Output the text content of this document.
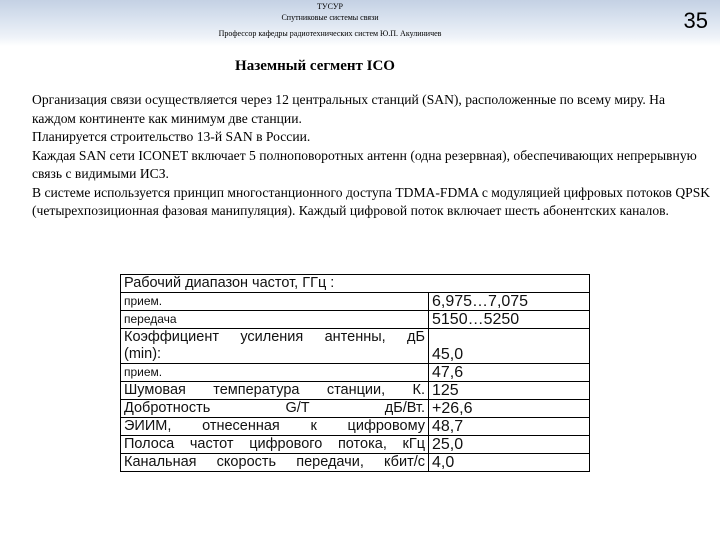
ТУСУР
Спутниковые системы связи
Профессор кафедры радиотехнических систем Ю.П. Акулиничев
35
Наземный сегмент ICO

Организация связи осуществляется через 12 центральных станций (SAN), расположенные по всему миру. На каждом континенте как минимум две станции.

Планируется строительство 13-й SAN в России.

Каждая SAN сети ICONET включает 5 полноповоротных антенн (одна резервная), обеспечивающих непрерывную связь с видимыми ИСЗ.

В системе используется принцип многостанционного доступа TDMA-FDMA с модуляцией цифровых потоков QPSK (четырехпозиционная фазовая манипуляция). Каждый цифровой поток включает шесть абонентских каналов.

Рабочий диапазон частот, ГГц :	
прием.	6,975…7,075
передача	5150…5250

Коэффициент усиления антенны, дБ
(min):	45,0
прием.	47,6
Шумовая температура станции, К.	125

Добротность дБ/Вт.
G/T	+26,6
ЭИИМ, отнесенная к цифровому	48,7
Полоса частот цифрового потока, кГц	25,0
Канальная скорость передачи, кбит/с	4,0
